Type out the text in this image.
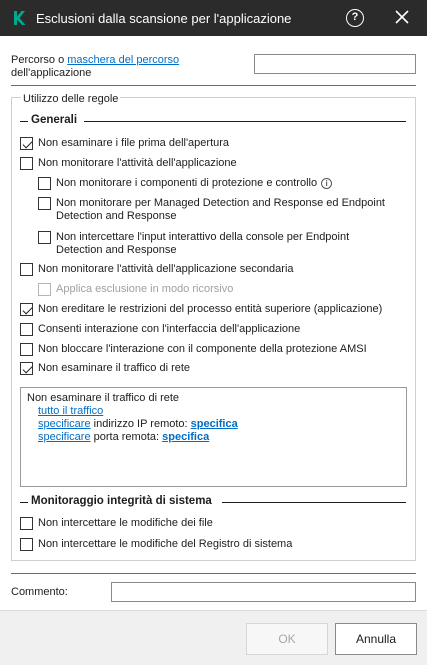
Esclusioni dalla scansione per l'applicazione	?
Percorso o maschera del percorso
dell'applicazione
Utilizzo delle regole
Generali
Non esaminare i file prima dell'apertura
Non monitorare l'attività dell'applicazione
Non monitorare i componenti di protezione e controllo i
Non monitorare per Managed Detection and Response ed Endpoint Detection and Response
Non intercettare l'input interattivo della console per Endpoint Detection and Response
Non monitorare l'attività dell'applicazione secondaria
Applica esclusione in modo ricorsivo
Non ereditare le restrizioni del processo entità superiore (applicazione)
Consenti interazione con l'interfaccia dell'applicazione
Non bloccare l'interazione con il componente della protezione AMSI
Non esaminare il traffico di rete
Non esaminare il traffico di rete
tutto il traffico
specificare indirizzo IP remoto: specifica
specificare porta remota: specifica
Monitoraggio integrità di sistema
Non intercettare le modifiche dei file
Non intercettare le modifiche del Registro di sistema
Commento:
OK	Annulla
